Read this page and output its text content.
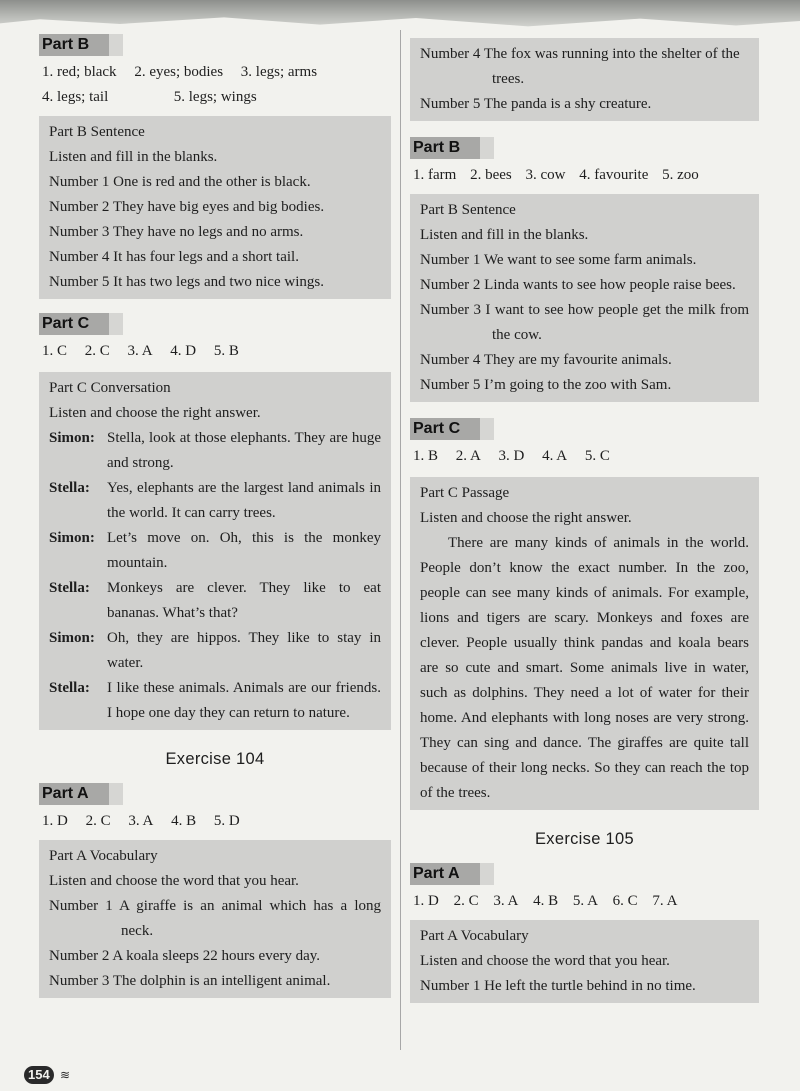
Part B
1. red; black 2. eyes; bodies 3. legs; arms
4. legs; tail	5. legs; wings

Part B Sentence

Listen and fill in the blanks.

Number 1 One is red and the other is black.

Number 2 They have big eyes and big bodies.

Number 3 They have no legs and no arms.

Number 4 It has four legs and a short tail.

Number 5 It has two legs and two nice wings.

Part C
1. C 2. C 3. A 4. D 5. B

Part C Conversation

Listen and choose the right answer.

Simon: Stella, look at those elephants. They are huge and strong.
Stella:	Yes, elephants are the largest land animals in the world. It can carry trees.
Simon: Let’s move on. Oh, this is the monkey mountain.
Stella:	Monkeys are clever. They like to eat bananas. What’s that?
Simon: Oh, they are hippos. They like to stay in water.
Stella:	I like these animals. Animals are our friends. I hope one day they can return to nature.
Exercise 104
Part A
1. D 2. C 3. A 4. B 5. D

Part A Vocabulary

Listen and choose the word that you hear.

Number 1 A giraffe is an animal which has a long neck.

Number 2 A koala sleeps 22 hours every day.

Number 3 The dolphin is an intelligent animal.

Number 4 The fox was running into the shelter of the trees.

Number 5 The panda is a shy creature.

Part B
1. farm 2. bees 3. cow 4. favourite 5. zoo

Part B Sentence

Listen and fill in the blanks.

Number 1 We want to see some farm animals.

Number 2 Linda wants to see how people raise bees.

Number 3 I want to see how people get the milk from the cow.

Number 4 They are my favourite animals.

Number 5 I’m going to the zoo with Sam.

Part C
1. B 2. A 3. D 4. A 5. C

Part C Passage

Listen and choose the right answer.

There are many kinds of animals in the world. People don’t know the exact number. In the zoo, people can see many kinds of animals. For example, lions and tigers are scary. Monkeys and foxes are clever. People usually think pandas and koala bears are so cute and smart. Some animals live in water, such as dolphins. They need a lot of water for their home. And elephants with long noses are very strong. They can sing and dance. The giraffes are quite tall because of their long necks. So they can reach the top of the trees.

Exercise 105
Part A
1. D 2. C 3. A 4. B 5. A 6. C 7. A

Part A Vocabulary

Listen and choose the word that you hear.

Number 1 He left the turtle behind in no time.

154 ≋
